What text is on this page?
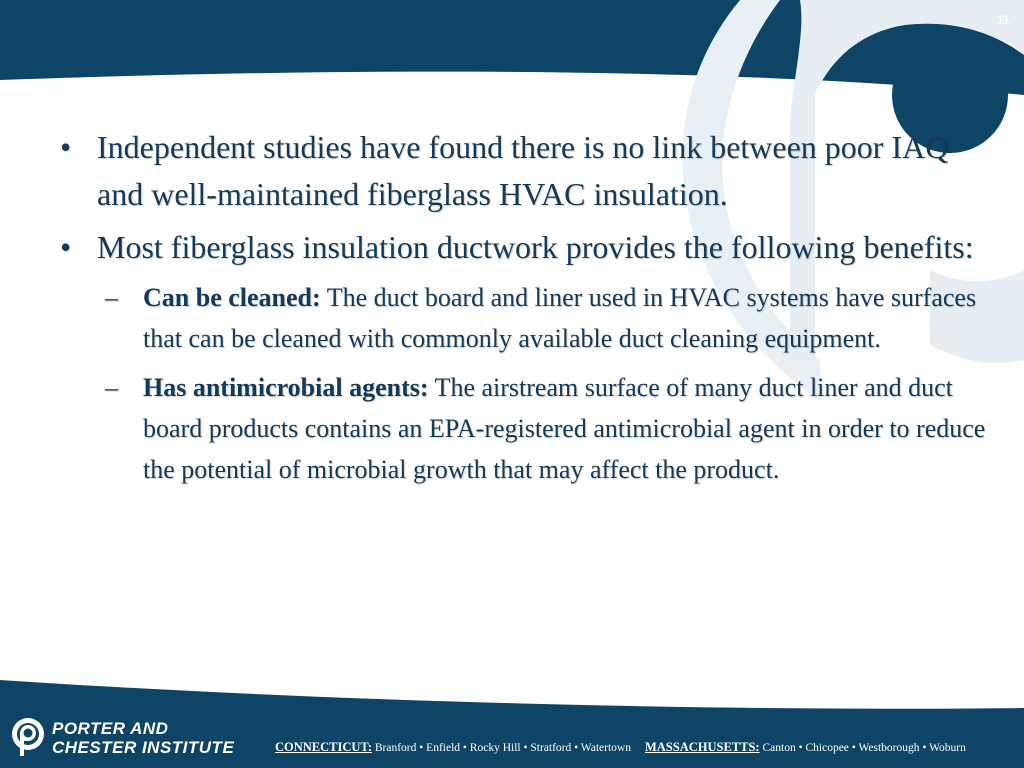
11
• Independent studies have found there is no link between poor IAQ and well-maintained fiberglass HVAC insulation.
• Most fiberglass insulation ductwork provides the following benefits:
– Can be cleaned: The duct board and liner used in HVAC systems have surfaces that can be cleaned with commonly available duct cleaning equipment.
– Has antimicrobial agents: The airstream surface of many duct liner and duct board products contains an EPA-registered antimicrobial agent in order to reduce the potential of microbial growth that may affect the product.
PORTER AND
CHESTER INSTITUTE	CONNECTICUT: Branford • Enfield • Rocky Hill • Stratford • Watertown MASSACHUSETTS: Canton • Chicopee • Westborough • Woburn
